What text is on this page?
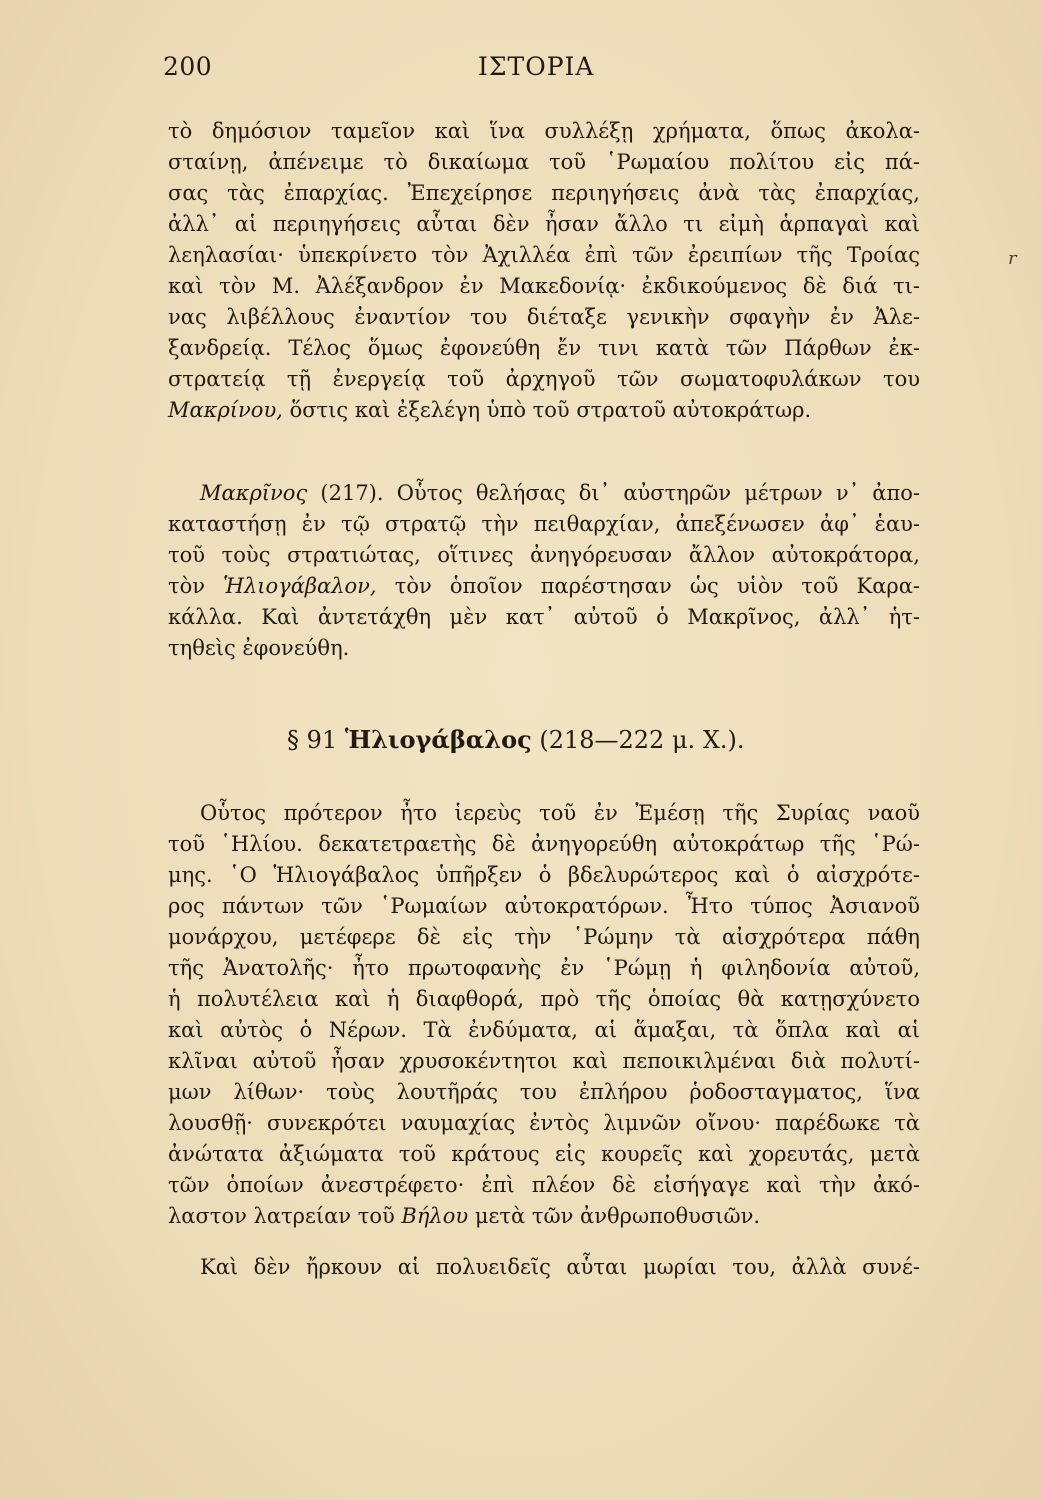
200	ΙΣΤΟΡΙΑ
r
τὸ δημόσιον ταμεῖον καὶ ἵνα συλλέξῃ χρήματα, ὅπως ἀκολα-
σταίνῃ, ἀπένειμε τὸ δικαίωμα τοῦ ῾Ρωμαίου πολίτου εἰς πά-
σας τὰς ἐπαρχίας. Ἐπεχείρησε περιηγήσεις ἀνὰ τὰς ἐπαρχίας,
ἀλλ᾽ αἱ περιηγήσεις αὗται δὲν ἦσαν ἄλλο τι εἰμὴ ἁρπαγαὶ καὶ
λεηλασίαι· ὑπεκρίνετο τὸν Ἀχιλλέα ἐπὶ τῶν ἐρειπίων τῆς Τροίας
καὶ τὸν Μ. Ἀλέξανδρον ἐν Μακεδονίᾳ· ἐκδικούμενος δὲ διά τι-
νας λιβέλλους ἐναντίον του διέταξε γενικὴν σφαγὴν ἐν Ἀλε-
ξανδρείᾳ. Τέλος ὅμως ἐφονεύθη ἔν τινι κατὰ τῶν Πάρθων ἐκ-
στρατείᾳ τῇ ἐνεργείᾳ τοῦ ἀρχηγοῦ τῶν σωματοφυλάκων του
Μακρίνου, ὅστις καὶ ἐξελέγη ὑπὸ τοῦ στρατοῦ αὐτοκράτωρ.
Μακρῖνος (217). Οὗτος θελήσας δι᾽ αὐστηρῶν μέτρων ν᾽ ἀπο-
καταστήσῃ ἐν τῷ στρατῷ τὴν πειθαρχίαν, ἀπεξένωσεν ἀφ᾽ ἑαυ-
τοῦ τοὺς στρατιώτας, οἵτινες ἀνηγόρευσαν ἄλλον αὐτοκράτορα,
τὸν Ἡλιογάβαλον, τὸν ὁποῖον παρέστησαν ὡς υἱὸν τοῦ Καρα-
κάλλα. Καὶ ἀντετάχθη μὲν κατ᾽ αὐτοῦ ὁ Μακρῖνος, ἀλλ᾽ ἡτ-
τηθεὶς ἐφονεύθη.
§ 91 Ἡλιογάβαλος (218—222 μ. Χ.).
Οὗτος πρότερον ἦτο ἱερεὺς τοῦ ἐν Ἐμέσῃ τῆς Συρίας ναοῦ
τοῦ ῾Ηλίου. δεκατετραετὴς δὲ ἀνηγορεύθη αὐτοκράτωρ τῆς ῾Ρώ-
μης. ῾Ο Ἡλιογάβαλος ὑπῆρξεν ὁ βδελυρώτερος καὶ ὁ αἰσχρότε-
ρος πάντων τῶν ῾Ρωμαίων αὐτοκρατόρων. Ἦτο τύπος Ἀσιανοῦ
μονάρχου, μετέφερε δὲ εἰς τὴν ῾Ρώμην τὰ αἰσχρότερα πάθη
τῆς Ἀνατολῆς· ἦτο πρωτοφανὴς ἐν ῾Ρώμῃ ἡ φιληδονία αὐτοῦ,
ἡ πολυτέλεια καὶ ἡ διαφθορά, πρὸ τῆς ὁποίας θὰ κατῃσχύνετο
καὶ αὐτὸς ὁ Νέρων. Τὰ ἐνδύματα, αἱ ἅμαξαι, τὰ ὅπλα καὶ αἱ
κλῖναι αὐτοῦ ἦσαν χρυσοκέντητοι καὶ πεποικιλμέναι διὰ πολυτί-
μων λίθων· τοὺς λουτῆράς του ἐπλήρου ῥοδοσταγματος, ἵνα
λουσθῇ· συνεκρότει ναυμαχίας ἐντὸς λιμνῶν οἴνου· παρέδωκε τὰ
ἀνώτατα ἀξιώματα τοῦ κράτους εἰς κουρεῖς καὶ χορευτάς, μετὰ
τῶν ὁποίων ἀνεστρέφετο· ἐπὶ πλέον δὲ εἰσήγαγε καὶ τὴν ἀκό-
λαστον λατρείαν τοῦ Βήλου μετὰ τῶν ἀνθρωποθυσιῶν.
Καὶ δὲν ἤρκουν αἱ πολυειδεῖς αὗται μωρίαι του, ἀλλὰ συνέ-
